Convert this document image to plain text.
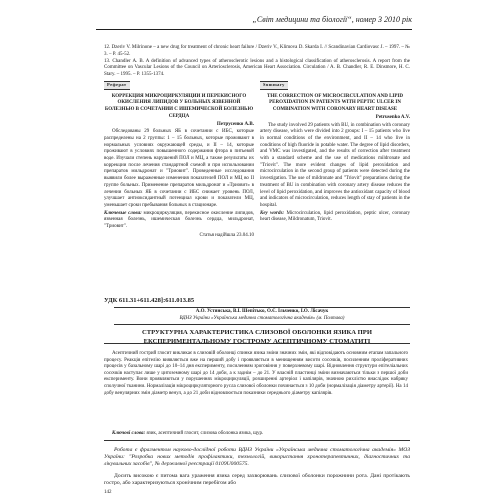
„Світ медицини та біології“, номер 3 2010 рік

12. Dzeriv V. Milrinone – a new drug for treatment of chronic heart failure / Dzeriv V., Klimova D. Skarda I. // Scandinavian Cardiovasc J. – 1997. – № 3. – P. 45-52.

13. Chandler A. B. A definition of advanced types of atherosclerotic lesions and a histological classification of atherosclerosis. A report from the Committee on Vascular Lesions of the Council on Arteriosclerosis, American Heart Association. Circulation / A. B. Chandler, R. E. Dinsmore, H. C. Stary. – 1995. – P. 1355-1374.

Реферат

КОРРЕКЦИЯ МИКРОЦИРКУЛЯЦИИ И ПЕРЕКИСНОГО ОКИСЛЕНИЯ ЛИПИДОВ У БОЛЬНЫХ ЯЗВЕННОЙ БОЛЕЗНЬЮ В СОЧЕТАНИИ С ИШЕМИЧЕСКОЙ БОЛЕЗНЬЮ СЕРДЦА

Петрусенко А.В.

Обследованы 29 больных ЯБ в сочетании с ИБС, которые распределены на 2 группы: 1 – 15 больных, которые проживают в нормальных условиях окружающей среды, и II – 14, которые проживают в условиях повышенного содержания фтора в питьевой воде. Изучали степень нарушений ПОЛ и МЦ, а также результаты их коррекции после лечения стандартной схемой и при использовании препаратов мильдронат и "Триовит". Проведенные исследования выявили более выраженные изменения показателей ПОЛ и МЦ во II группе больных. Применение препаратов мильдронат и «Триовит» в лечении больных ЯБ в сочетании с ИБС снижает уровень ПОЛ, улучшает антиоксидантный потенциал крови и показатели МЦ, уменьшает сроки пребывания больных в стационаре.

Ключевые слова: микроциркуляция, перекисное окисление липидов, язвенная болезнь, ишемическая болезнь сердца, мильдронат, "Триовит".

Статья надійшла 23.04.10

Summary

THE CORRECTION OF MICROCIRCULATION AND LIPID PEROXIDATION IN PATIENTS WITH PEPTIC ULCER IN COMBINATION WITH CORONARY HEART DISEASE

Petrusenko A.V.

The study involved 29 patients with BU, in combination with coronary artery disease, which were divided into 2 groups: I – 15 patients who live in normal conditions of the environment, and II – 14 who live in conditions of high fluoride in potable water. The degree of lipid disorders, and VMC was investigated, and the results of correction after treatment with a standard scheme and the use of medications mildronate and "Triovit". The more evident changes of lipid peroxidation and microcirculation in the second group of patients were detected during the investigation. The use of mildronate and "Triovit" preparations during the treatment of BU in combination with coronary artery disease reduces the level of lipid peroxidation, and improves the antioxidant capacity of blood and indicators of microcirculation, reduces length of stay of patients in the hospital.

Key words: Microcirculation, lipid peroxidation, peptic ulcer, coronary heart disease, Mildronatum, Triovit.

УДК 611.31+611.428]:611.013.85
А.О. Устянська, В.І. Шепітько, О.Є. Ільченко, І.О. Лісачук
ВДНЗ України «Українська медична стоматологічна академія» (м. Полтава)
СТРУКТУРНА ХАРАКТЕРИСТИКА СЛИЗОВОЇ ОБОЛОНКИ ЯЗИКА ПРИ ЕКСПЕРИМЕНТАЛЬНОМУ ГОСТРОМУ АСЕПТИЧНОМУ СТОМАТИТІ

Асептичний гострий глосит викликає в слизовій оболонці спинки язика зміни значних змін, які відповідають основним етапам запального процесу. Реакція епітелію виявляється вже на перший добу і проявляється в менищенням висоти сосочків, посиленням проліферативних процесів у базальному шарі до 10–14 дня експерименту, посиленням зроговіння у поверхневому шарі. Відновлення структури епітеліальних сосочків наступає лише у цитоземному шарі до 14 доби, а к заднім – до 21. У власній пластинці зміни визначаються тільки з першої доби експерименту. Вони проявляються у порушеннях мікроциркуляції, розширенні артеріол і капілярів, значною рихлістю внаслідок набряку сполучної тканини. Нормалізація мікроциркуляторного русла слизової оболонки починається з 10 доби (нормалізація діаметру артерії). На 14 добу венулярних змін діаметр венул, а до 21 доби відновлюється показники середнього діаметру капілярів.

Ключові слова: язик, асептичний глосит, слизова оболонка язика, щур.

Робота є фрагментом науково-дослідної роботи ВДНЗ України «Українська медична стоматологічна академія» МОЗ України: "Розробка нових методів профілактики, технологій, використання хронотерапевтичних, діагностичних та лікувальних засобів", № державної реєстрації 0109U000575.

Досить високою є питома вага ураження язика серед захворювань слизової оболонки порожнини рота. Дані протікають гостро, або характеризуються хронічним перебігом або

142
